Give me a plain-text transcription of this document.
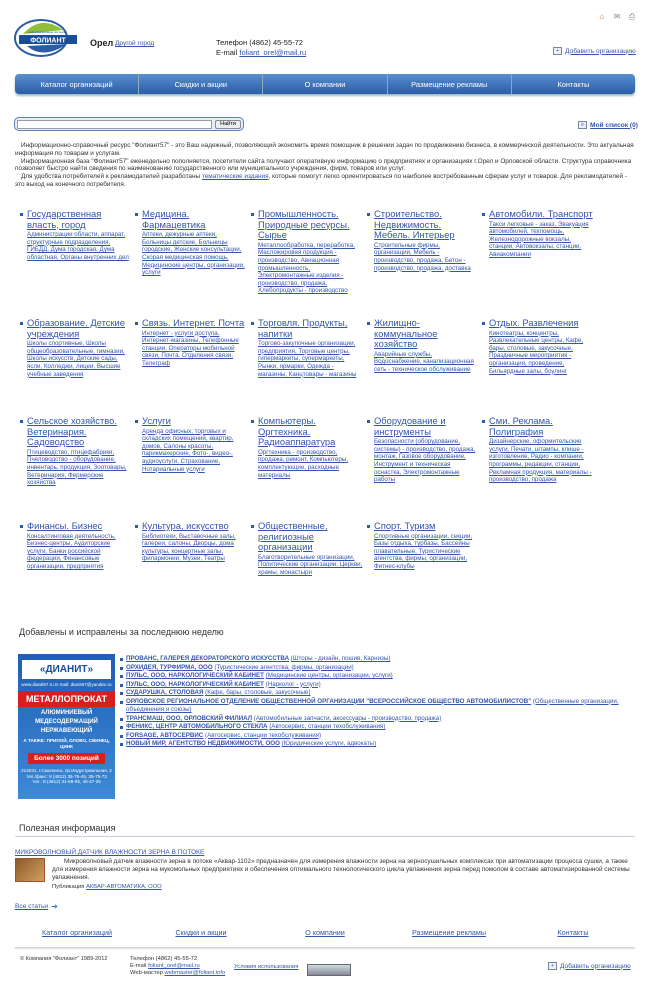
ФОЛИАНТ
информационные системы
Орел Другой город	Телефон (4862) 45-55-72
E-mail foliant_orel@mail.ru
⌂	✉ ⎙
+ Добавить организацию
Каталог организаций	Скидки и акции	О компании	Размещение рекламы	Контакты
Найти	≡ Мой список (0)

Информационно-справочный ресурс "Фолиант57" - это Ваш надежный, позволяющий экономить время помощник в решении задач по продвижению бизнеса, в коммерческой деятельности. Это актуальная информация по товарам и услугам.

Информационная база "Фолиант57" еженедельно пополняется, посетители сайта получают оперативную информацию о предприятиях и организациях г.Орел и Орловской области. Структура справочника позволяет быстро найти сведения по наименованию государственного или муниципального учреждения, фирм, товаров или услуг.

Для удобства потребителей к рекламодателей разработаны тематические издания, которые помогут легко ориентироваться по наиболее востребованным сферам услуг и товаров. Для рекламодателей - это выход на конечного потребителя.

Государственная власть, город
Администрации области, аппарат, структурные подразделения, ГИБДД, Дума городская, Дума областная, Органы внутренних дел
Медицина. Фармацевтика
Аптеки, дежурные аптеки, Больницы детские, Больницы городские, Женские консультации, Скорая медицинская помощь, Медицинские центры, организации, услуги
Промышленность. Природные ресурсы. Сырье
Металлообработка, переработка, Масложировая продукция - производство, Авиационная промышленность, Электромонтажные изделия - производство, продажа, Хлебопродукты - производство
Строительство. Недвижимость. Мебель. Интерьер
Строительные фирмы, организации, Мебель - производство, продажа, Бетон - производство, продажа, доставка
Автомобили. Транспорт
Такси легковые - заказ, Эвакуация автомобилей, техпомощь, Железнодорожные вокзалы, станции, Автовокзалы, станции, Авиакомпании
Образование. Детские учреждения
Школы спортивные, Школы общеобразовательные, гимназии, Школы искусств, Детские сады, ясли, Колледжи, лицеи, Высшие учебные заведения
Связь. Интернет. Почта
Интернет - услуги доступа, Интернет-магазины, Телефонные станции, Операторы мобильной связи, Почта. Отделения связи, Телеграф
Торговля. Продукты, напитки
Торгово-закупочные организации, предприятия, Торговые центры, гипермаркеты, супермаркеты, Рынки, ярмарки, Одежда - магазины, Канцтовары - магазины
Жилищно-коммунальное хозяйство
Аварийные службы, Водоснабжение, канализационная сеть - техническое обслуживание
Отдых. Развлечения
Кинотеатры, концентры, Развлекательные центры, Кафе, бары, столовые, закусочные, Праздничные мероприятия - организация, проведение, Бильярдные залы, боулинг
Сельское хозяйство. Ветеринария. Садоводство
Птицеводство, птицефабрики, Пчеловодство - оборудование, инвентарь, продукция, Зоотовары, Ветеринария, Фермерские хозяйства
Услуги
Аренда офисных, торговых и складских помещений, квартир, домов, Салоны красоты, парикмахерские, Фото-, видео-, аудиоуслуги, Страхование, Нотариальные услуги
Компьютеры. Оргтехника. Радиоаппаратура
Оргтехника - производство, продажа, ремонт, Компьютеры, комплектующие, расходные материалы
Оборудование и инструменты
Безопасности (оборудование, системы) - производство, продажа, монтаж, Газовое оборудование, Инструмент и техническая оснастка, Электромонтажные работы
Сми. Реклама. Полиграфия
Дизайнерские, оформительские услуги, Печати, штампы, клише - изготовление, Радио - компании, программы, редакции, станции, Рекламная продукция, материалы - производство, продажа
Финансы. Бизнес
Консалтинговая деятельность, Бизнес-центры, Аудиторские услуги, Банки российской федерации, Финансовые организации, предприятия
Культура, искусство
Библиотеки, Выставочные залы, галереи, салоны, Дворцы, дома культуры, концертные залы, филармонии, Музеи, Театры
Общественные, религиозные организации
Благотворительные организации, Политические организации, Церкви, храмы, монастыри
Спорт. Туризм
Спортивные организации, секции, Базы отдыха, турбазы, Бассейны плавательные, Туристические агентства, фирмы, организации, Фитнес-клубы
Добавлены и исправлены за последнюю неделю
«ДИАНИТ»
www.dianit67.ru E-mail: dianit67@yandex.ru
МЕТАЛЛОПРОКАТ
АЛЮМИНИЕВЫЙ
МЕДЕСОДЕРЖАЩИЙ
НЕРЖАВЕЮЩИЙ
А ТАКЖЕ: ПРИПОЙ, ОЛОВО, СВИНЕЦ, ЦИНК
Более 3000 позиций
214031, г.Смоленск, пр.Индустриальная, 2
тел./факс: 8 (4812) 35-75-45, 35-75-73
тел.: 8 (4812) 31-69-05, 40-47-25
ПРОВАНС, ГАЛЕРЕЯ ДЕКОРАТОРСКОГО ИСКУССТВА (Шторы - дизайн, пошив, Карнизы)
ОРХИДЕЯ, ТУРФИРМА, ООО (Туристические агентства, фирмы, организации)
ПУЛЬС, ООО, НАРКОЛОГИЧЕСКИЙ КАБИНЕТ (Медицинские центры, организации, услуги)
ПУЛЬС, ООО, НАРКОЛОГИЧЕСКИЙ КАБИНЕТ (Нарколог - услуги)
СУДАРУШКА, СТОЛОВАЯ (Кафе, бары, столовые, закусочные)
ОРЛОВСКОЕ РЕГИОНАЛЬНОЕ ОТДЕЛЕНИЕ ОБЩЕСТВЕННОЙ ОРГАНИЗАЦИИ "ВСЕРОССИЙСКОЕ ОБЩЕСТВО АВТОМОБИЛИСТОВ" (Общественные организации, объединения и союзы)
ТРАНСМАШ, ООО, ОРЛОВСКИЙ ФИЛИАЛ (Автомобильные запчасти, аксессуары - производство, продажа)
ФЕНИКС, ЦЕНТР АВТОМОБИЛЬНОГО СТЕКЛА (Автосервис, станции техобслуживания)
FORSAGE, АВТОСЕРВИС (Автосервис, станции техобслуживания)
НОВЫЙ МИР, АГЕНТСТВО НЕДВИЖИМОСТИ, ООО (Юридические услуги, адвокаты)
Полезная информация
МИКРОВОЛНОВЫЙ ДАТЧИК ВЛАЖНОСТИ ЗЕРНА В ПОТОКЕ
Микроволновый датчик влажности зерна в потоке «Аквар-1102» предназначен для измерения влажности зерна на зерносушильных комплексах при автоматизации процесса сушки, а также для измерения влажности зерна на мукомольных предприятиях и обеспечения оптимального технологического цикла увлажнения зерна перед помолом в составе автоматизированной системы увлажнения.
Публикация АКВАР-АВТОМАТИКА, ООО
Все статьи ➔
Каталог организаций	Скидки и акции	О компании	Размещение рекламы	Контакты
© Компания "Фолиант" 1989-2012	Телефон (4862) 45-55-72
E-mail foliant_orel@mail.ru
Web-мастер webmaster@foliant.info
Условия использования	+ Добавить организацию
